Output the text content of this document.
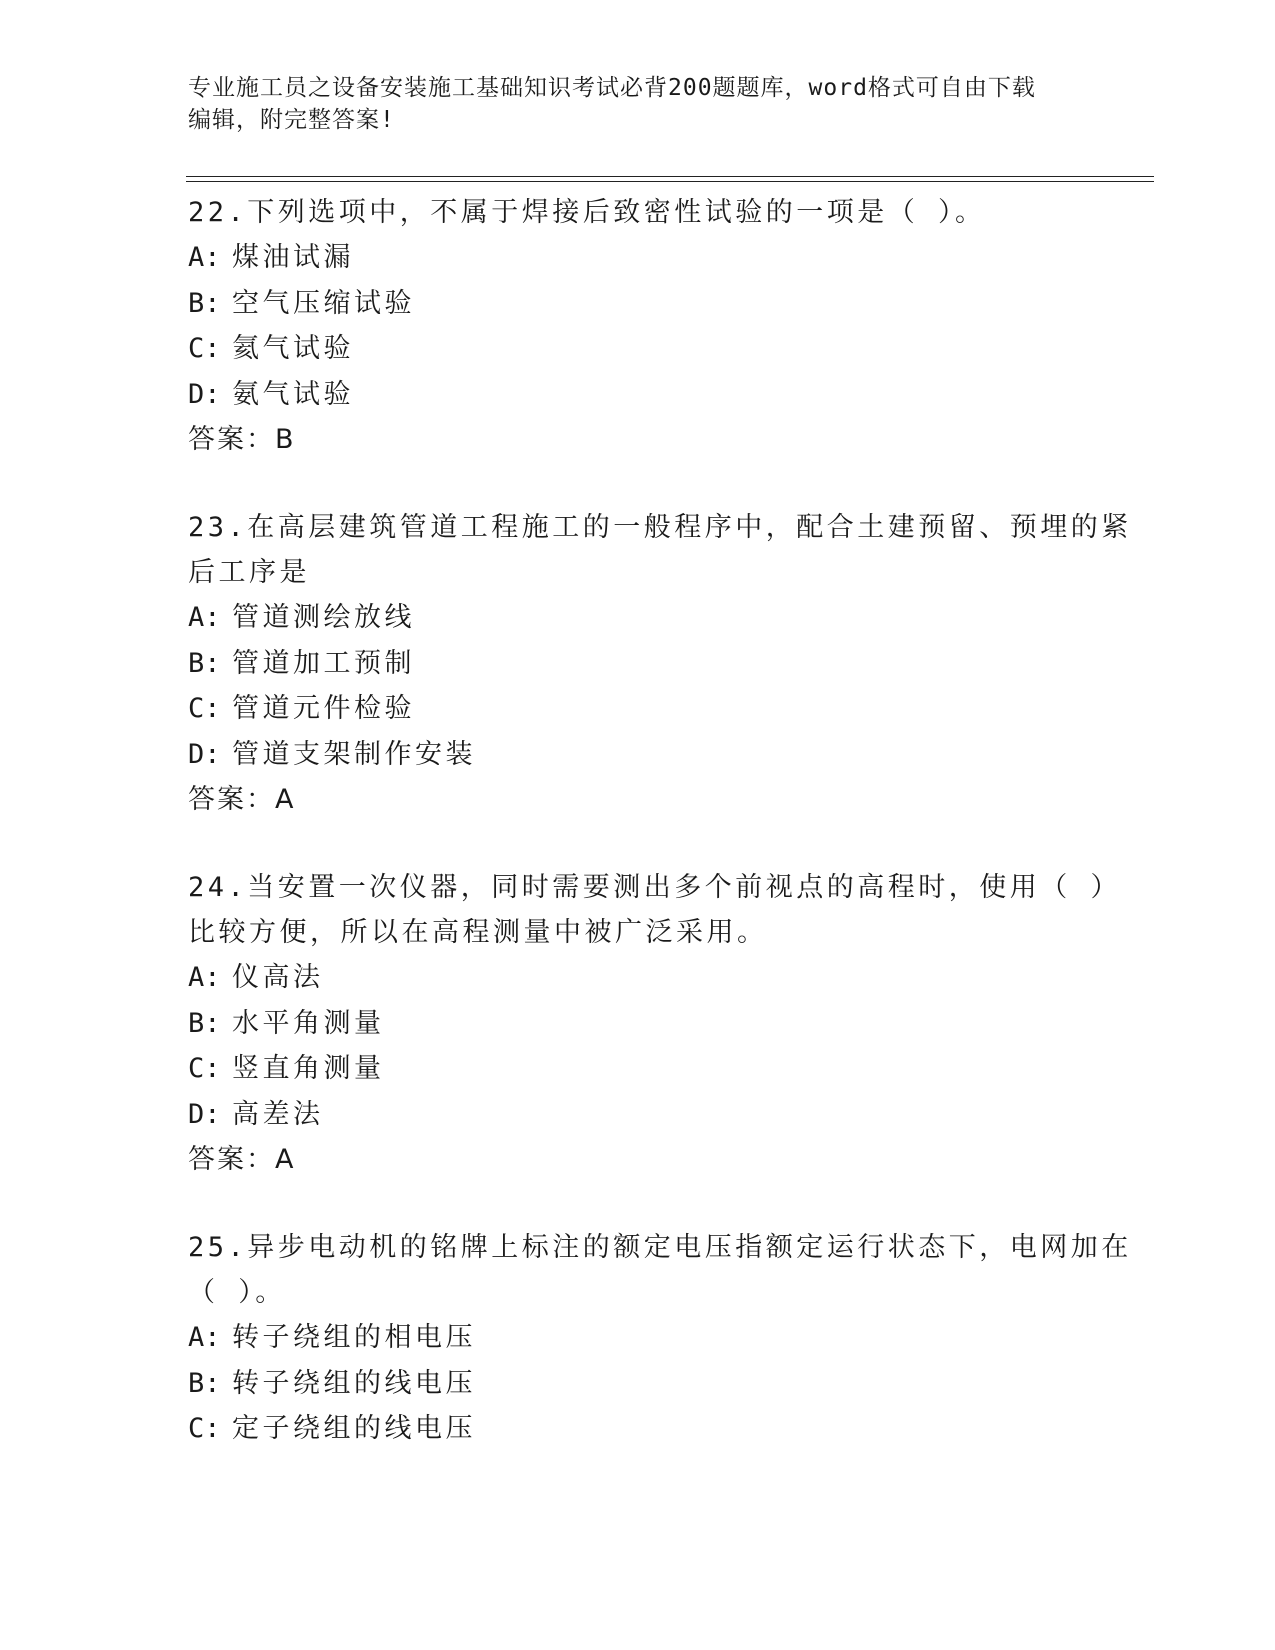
专业施工员之设备安装施工基础知识考试必背200题题库，word格式可自由下载
编辑，附完整答案!
22.下列选项中，不属于焊接后致密性试验的一项是（ ）。
A: 煤油试漏
B: 空气压缩试验
C: 氦气试验
D: 氨气试验
答案：B
23.在高层建筑管道工程施工的一般程序中，配合土建预留、预埋的紧
后工序是
A: 管道测绘放线
B: 管道加工预制
C: 管道元件检验
D: 管道支架制作安装
答案：A
24.当安置一次仪器，同时需要测出多个前视点的高程时，使用（ ）
比较方便，所以在高程测量中被广泛采用。
A: 仪高法
B: 水平角测量
C: 竖直角测量
D: 高差法
答案：A
25.异步电动机的铭牌上标注的额定电压指额定运行状态下，电网加在
（ ）。
A: 转子绕组的相电压
B: 转子绕组的线电压
C: 定子绕组的线电压
